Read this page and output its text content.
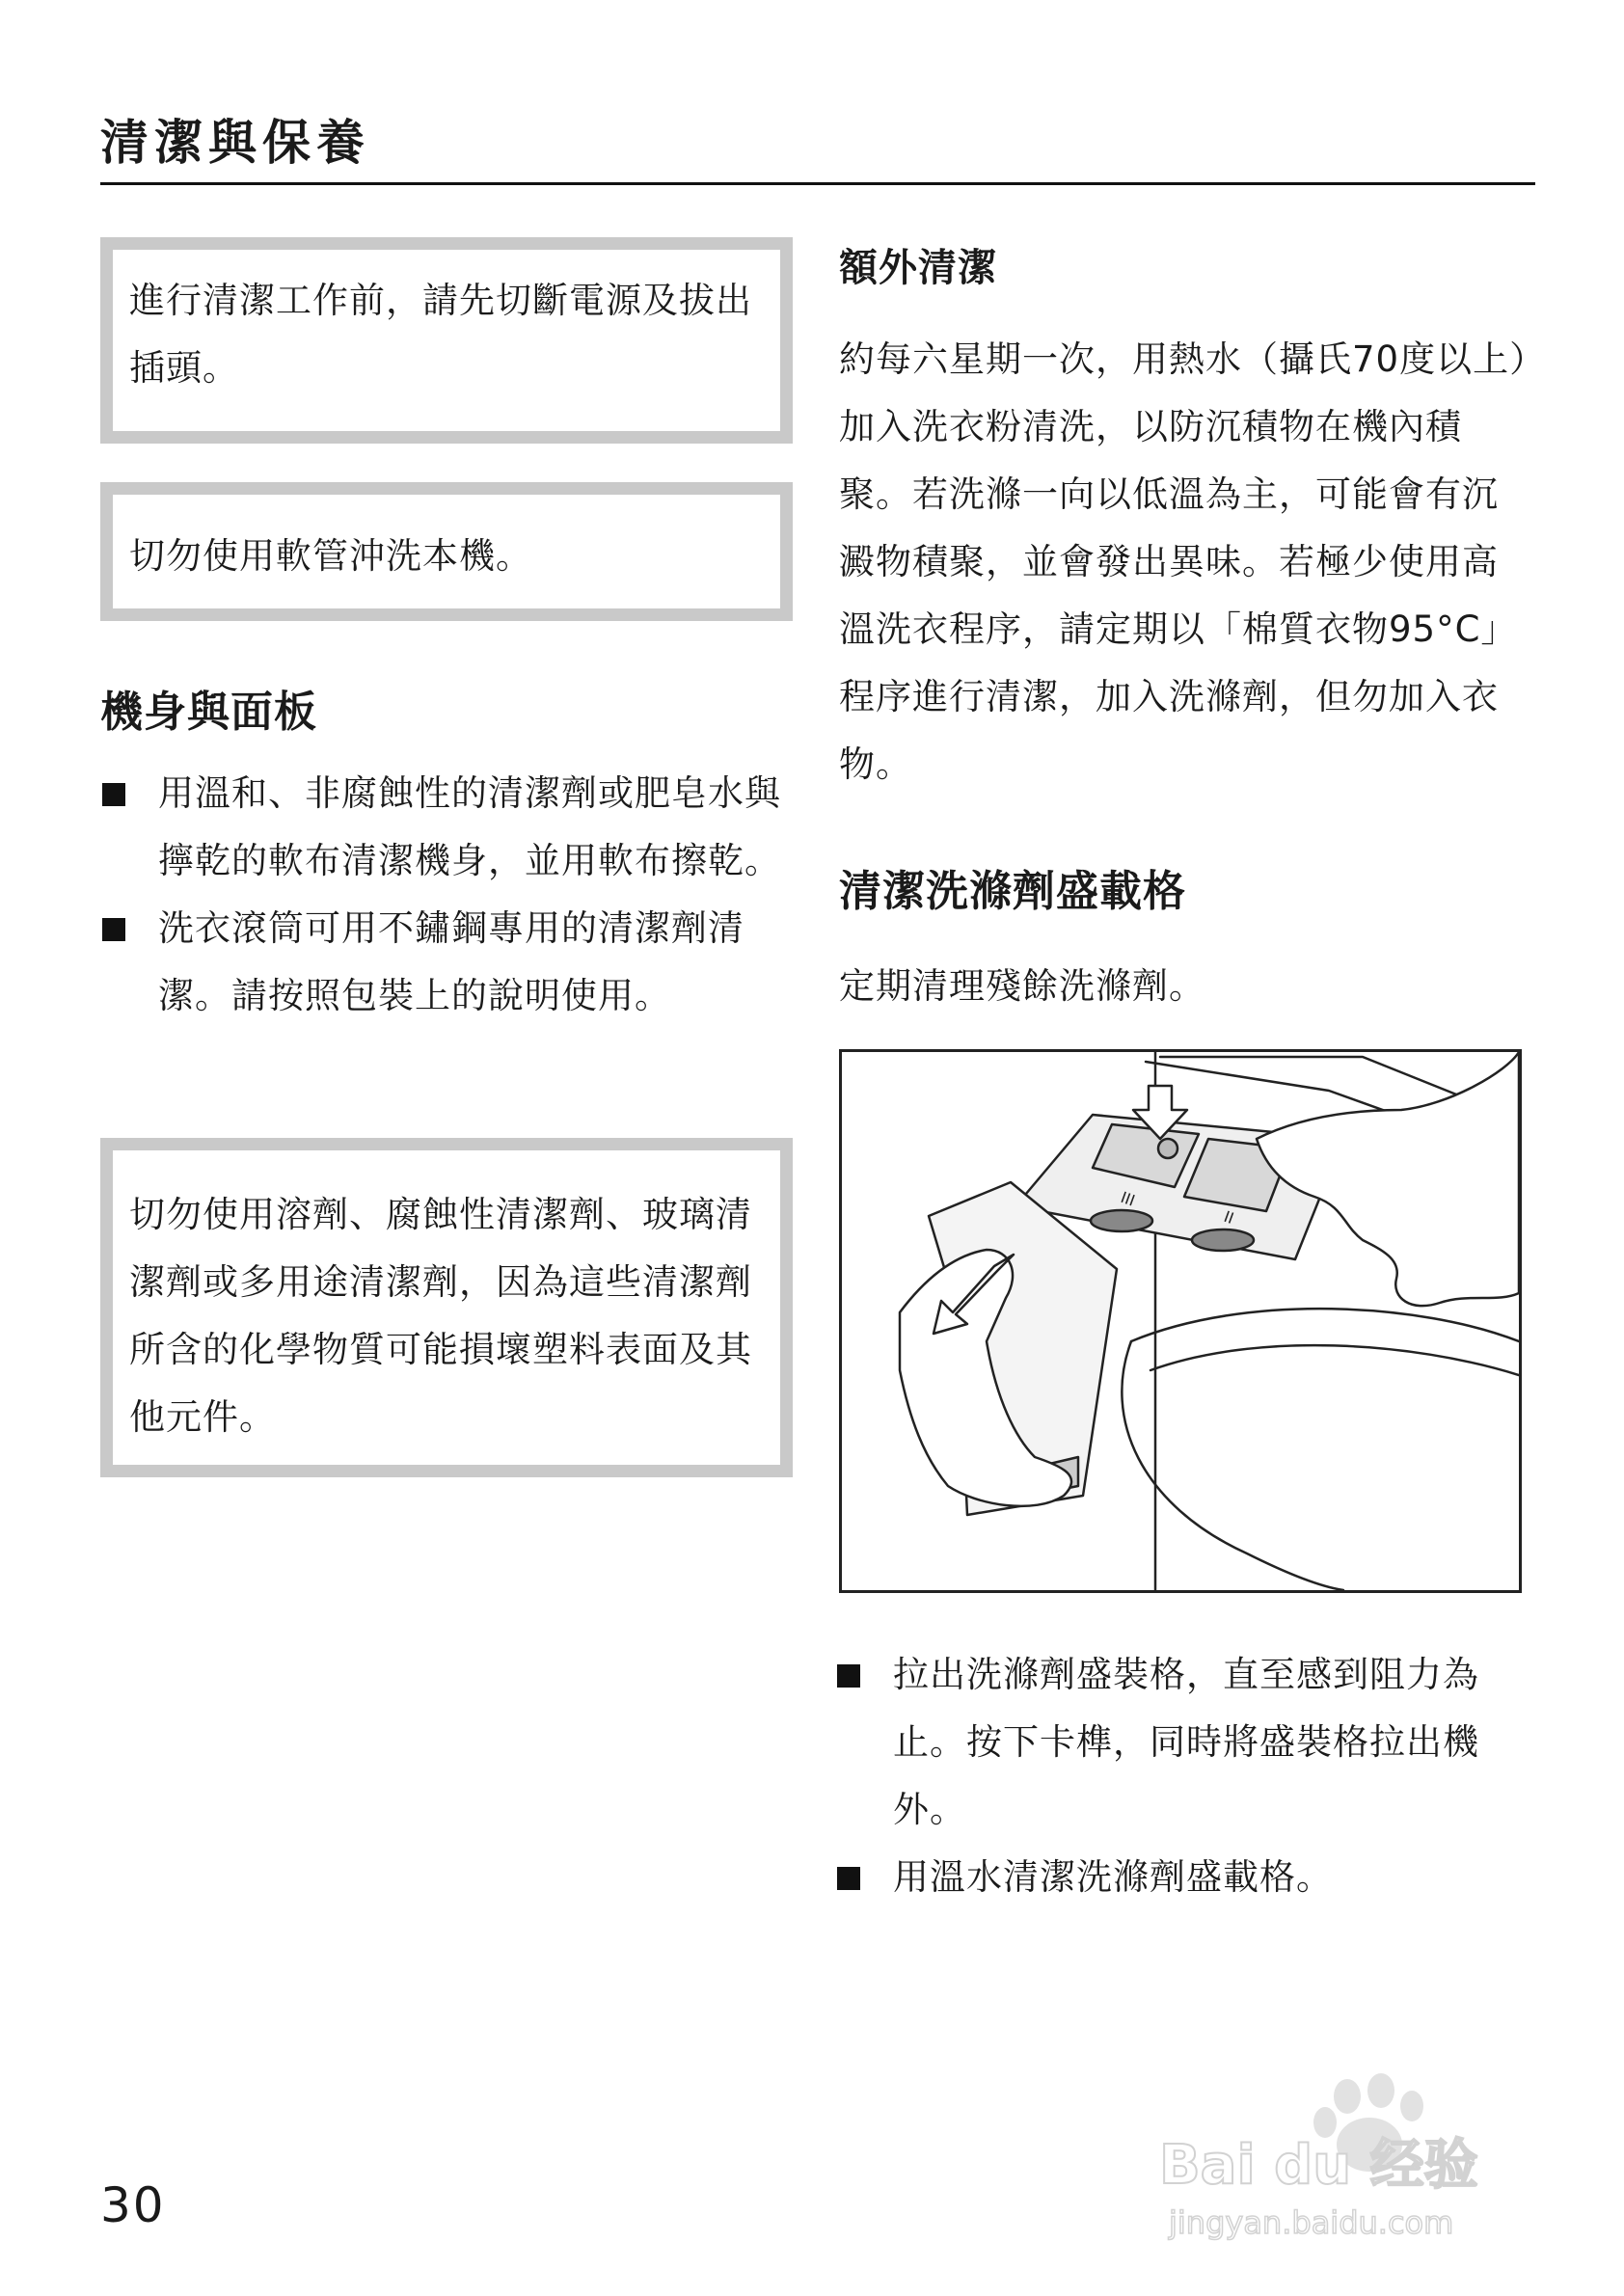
清潔與保養
進行清潔工作前，請先切斷電源及拔出插頭。
切勿使用軟管沖洗本機。
機身與面板
用溫和、非腐蝕性的清潔劑或肥皂水與擰乾的軟布清潔機身，並用軟布擦乾。
洗衣滾筒可用不鏽鋼專用的清潔劑清潔。請按照包裝上的說明使用。
切勿使用溶劑、腐蝕性清潔劑、玻璃清潔劑或多用途清潔劑，因為這些清潔劑所含的化學物質可能損壞塑料表面及其他元件。
額外清潔

約每六星期一次，用熱水（攝氏70度以上）加入洗衣粉清洗，以防沉積物在機內積聚。若洗滌一向以低溫為主，可能會有沉澱物積聚，並會發出異味。若極少使用高溫洗衣程序，請定期以「棉質衣物95°C」程序進行清潔，加入洗滌劑，但勿加入衣物。

清潔洗滌劑盛載格

定期清理殘餘洗滌劑。

III
II
拉出洗滌劑盛裝格，直至感到阻力為止。按下卡榫，同時將盛裝格拉出機外。
用溫水清潔洗滌劑盛載格。
30
Bai du 经验
jingyan.baidu.com
